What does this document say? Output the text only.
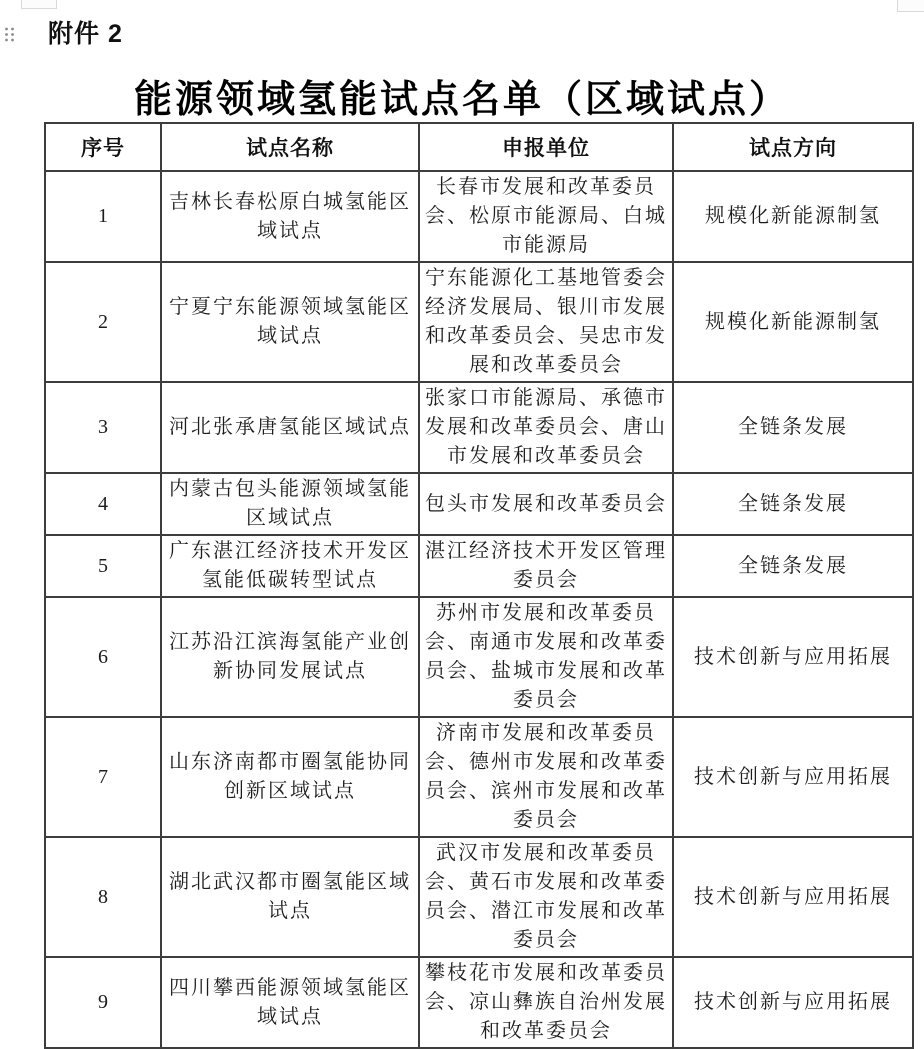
附件 2
能源领域氢能试点名单（区域试点）
序号	试点名称	申报单位	试点方向
1	吉林长春松原白城氢能区域试点	长春市发展和改革委员会、松原市能源局、白城市能源局	规模化新能源制氢
2	宁夏宁东能源领域氢能区域试点	宁东能源化工基地管委会经济发展局、银川市发展和改革委员会、吴忠市发展和改革委员会	规模化新能源制氢
3	河北张承唐氢能区域试点	张家口市能源局、承德市发展和改革委员会、唐山市发展和改革委员会	全链条发展
4	内蒙古包头能源领域氢能区域试点	包头市发展和改革委员会	全链条发展
5	广东湛江经济技术开发区氢能低碳转型试点	湛江经济技术开发区管理委员会	全链条发展
6	江苏沿江滨海氢能产业创新协同发展试点	苏州市发展和改革委员会、南通市发展和改革委员会、盐城市发展和改革委员会	技术创新与应用拓展
7	山东济南都市圈氢能协同创新区域试点	济南市发展和改革委员会、德州市发展和改革委员会、滨州市发展和改革委员会	技术创新与应用拓展
8	湖北武汉都市圈氢能区域试点	武汉市发展和改革委员会、黄石市发展和改革委员会、潜江市发展和改革委员会	技术创新与应用拓展
9	四川攀西能源领域氢能区域试点	攀枝花市发展和改革委员会、凉山彝族自治州发展和改革委员会	技术创新与应用拓展
